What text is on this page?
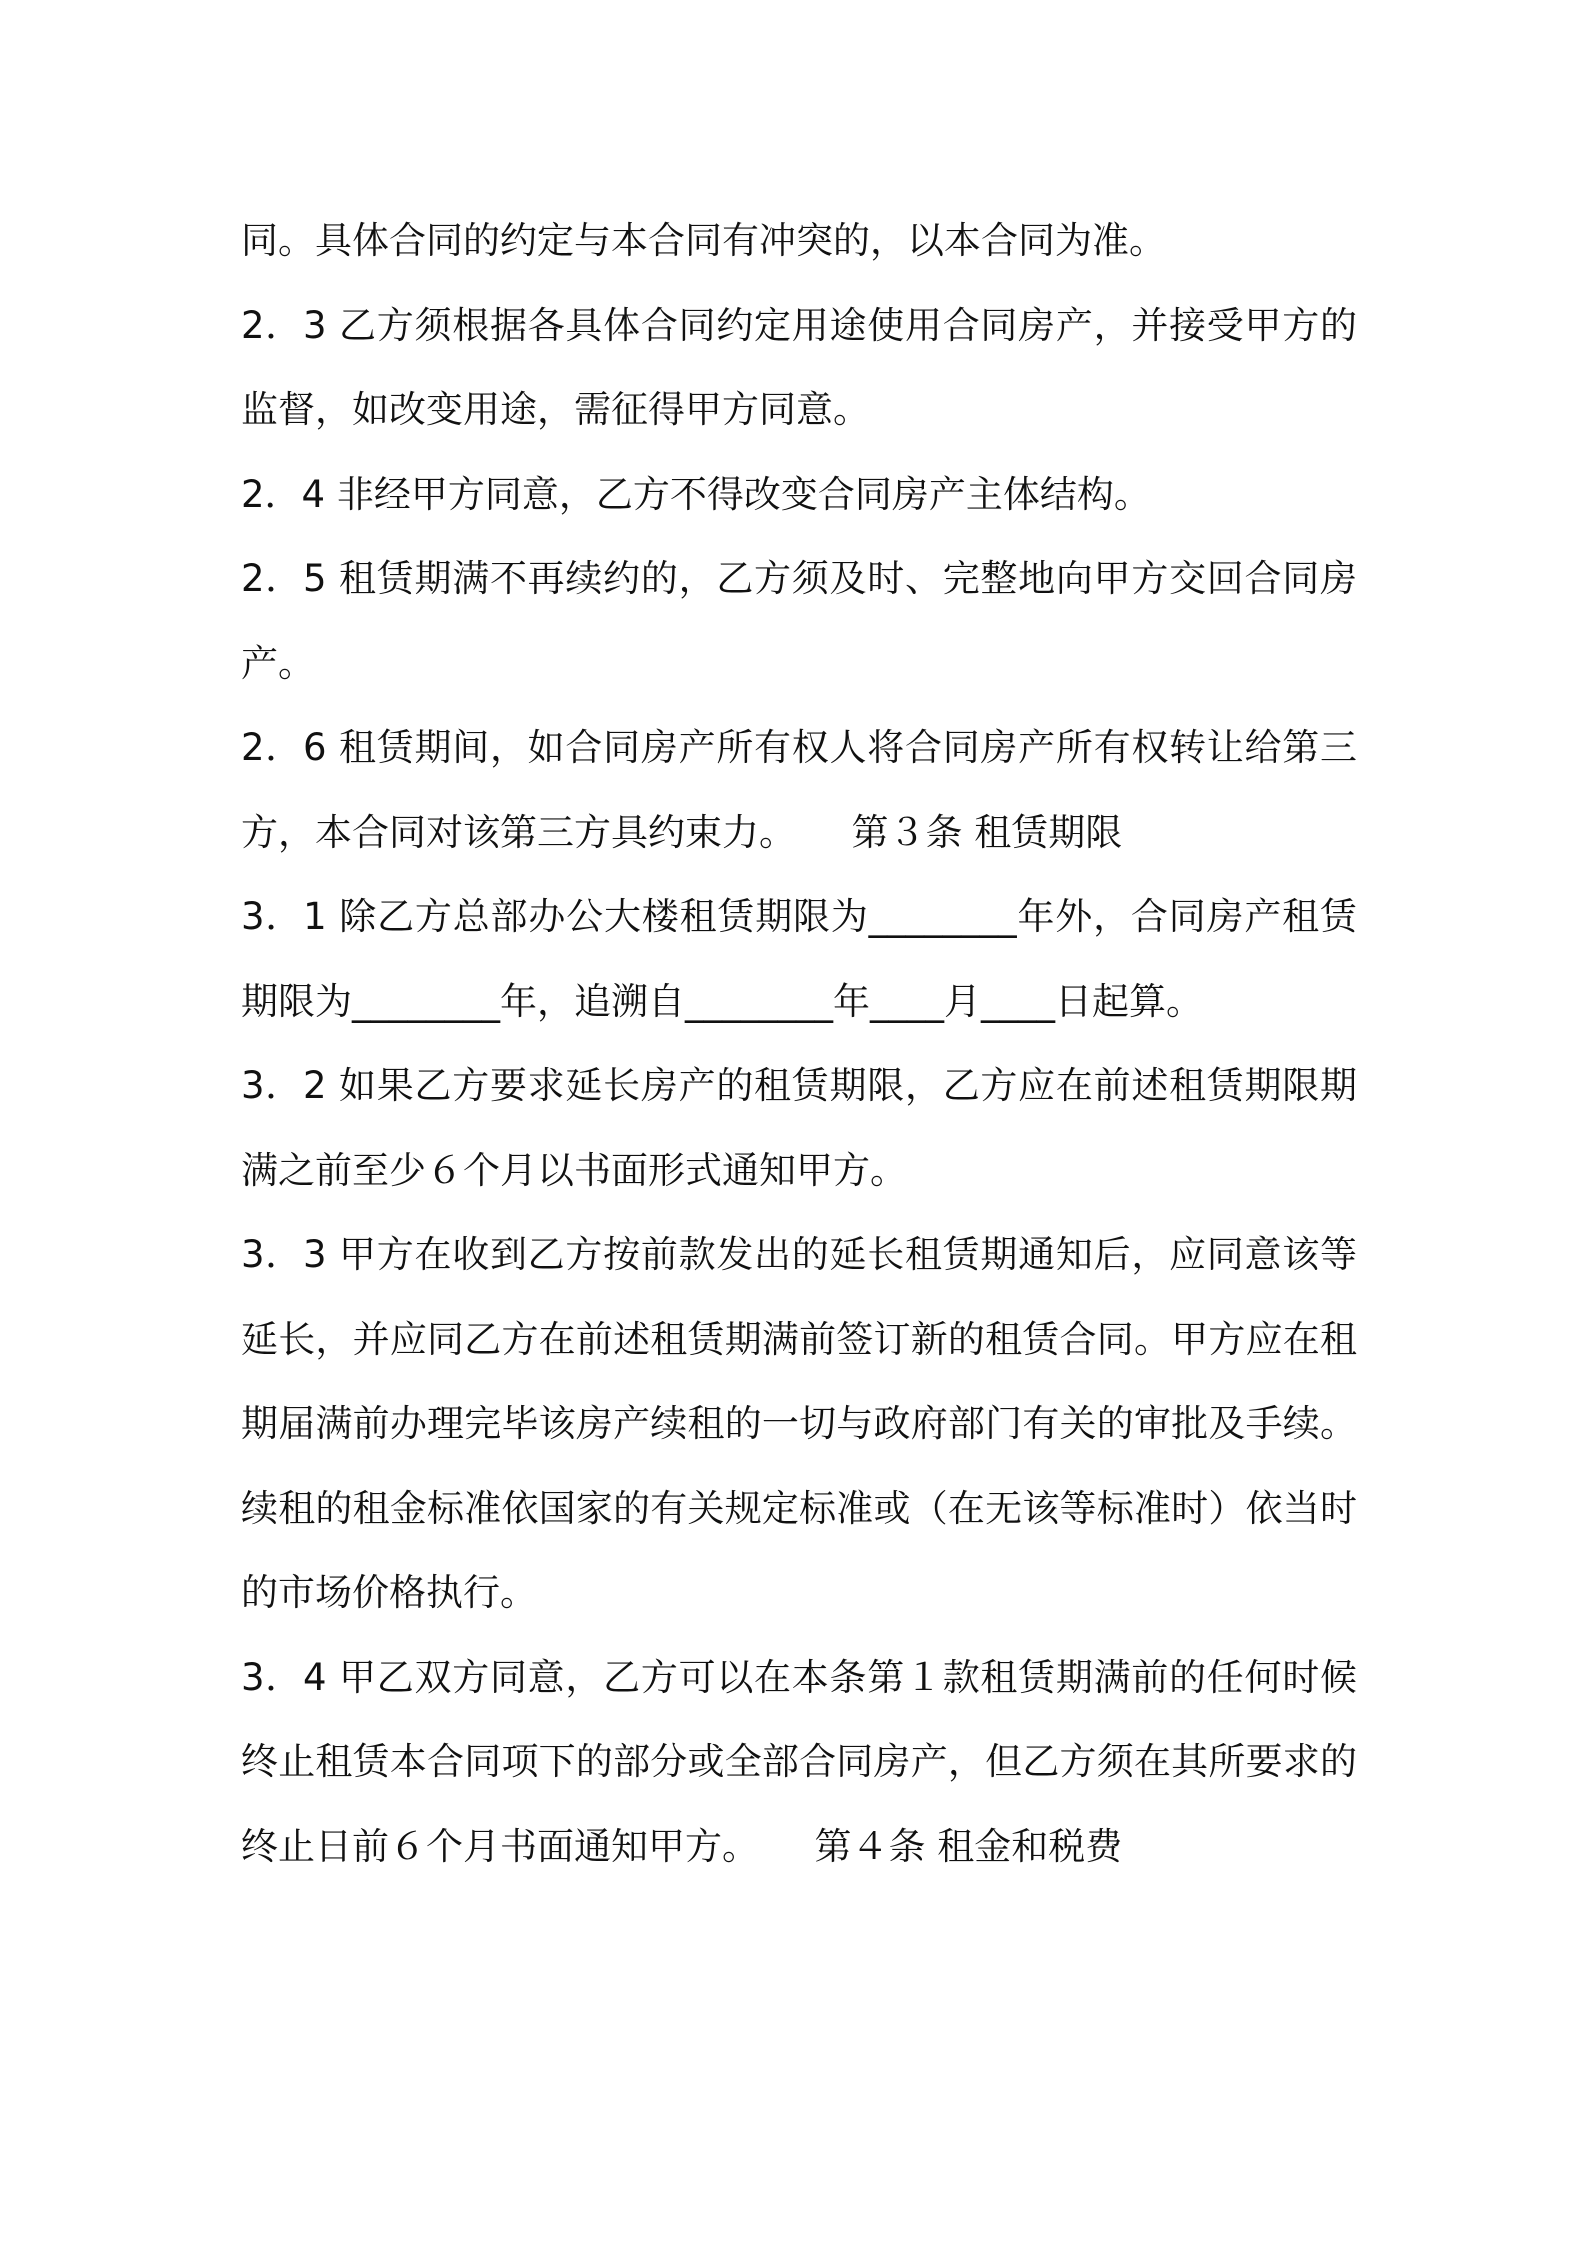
同。具体合同的约定与本合同有冲突的，以本合同为准。

2．3 乙方须根据各具体合同约定用途使用合同房产，并接受甲方的监督，如改变用途，需征得甲方同意。

2．4 非经甲方同意，乙方不得改变合同房产主体结构。

2．5 租赁期满不再续约的，乙方须及时、完整地向甲方交回合同房产。

2．6 租赁期间，如合同房产所有权人将合同房产所有权转让给第三方，本合同对该第三方具约束力。　　第３条 租赁期限

3．1 除乙方总部办公大楼租赁期限为________年外，合同房产租赁期限为________年，追溯自________年____月____日起算。

3．2 如果乙方要求延长房产的租赁期限，乙方应在前述租赁期限期满之前至少６个月以书面形式通知甲方。

3．3 甲方在收到乙方按前款发出的延长租赁期通知后，应同意该等延长，并应同乙方在前述租赁期满前签订新的租赁合同。甲方应在租期届满前办理完毕该房产续租的一切与政府部门有关的审批及手续。续租的租金标准依国家的有关规定标准或（在无该等标准时）依当时的市场价格执行。

3．4 甲乙双方同意，乙方可以在本条第１款租赁期满前的任何时候终止租赁本合同项下的部分或全部合同房产，但乙方须在其所要求的终止日前６个月书面通知甲方。　　第４条 租金和税费
